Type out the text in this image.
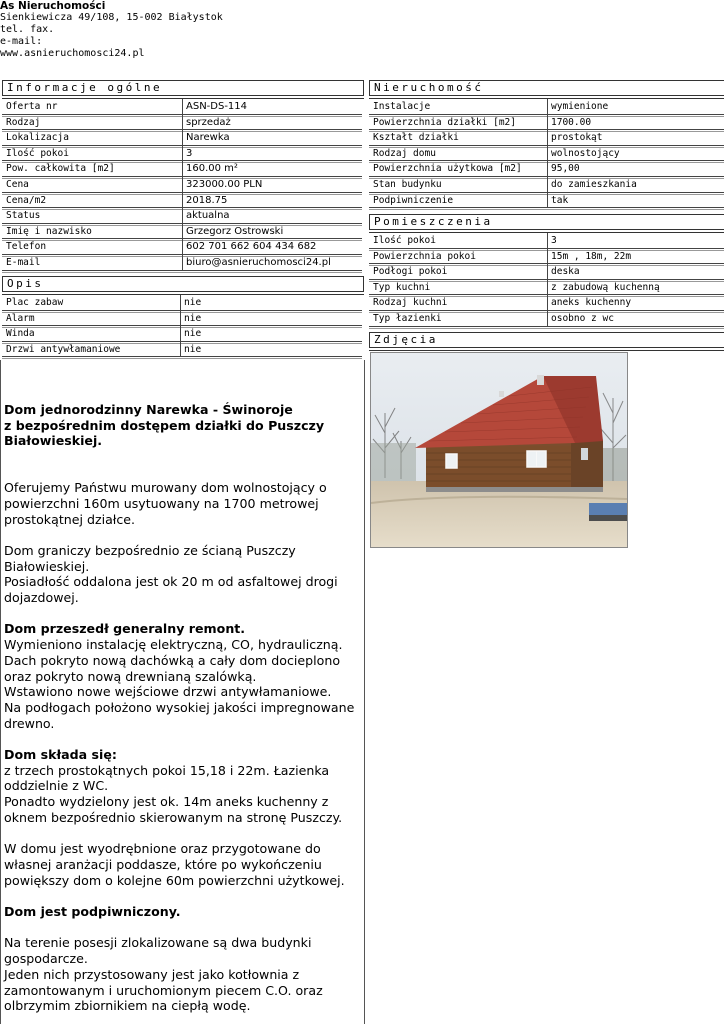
As Nieruchomości
Sienkiewicza 49/108, 15-002 Białystok
tel. fax.
e-mail:
www.asnieruchomosci24.pl
Informacje ogólne
Oferta nr	ASN-DS-114
Rodzaj	sprzedaż
Lokalizacja	Narewka
Ilość pokoi	3
Pow. całkowita [m2]	160.00 m²
Cena	323000.00 PLN
Cena/m2	2018.75
Status	aktualna
Imię i nazwisko	Grzegorz Ostrowski
Telefon	602 701 662 604 434 682
E-mail	biuro@asnieruchomosci24.pl
Opis
Plac zabaw	nie
Alarm	nie
Winda	nie
Drzwi antywłamaniowe	nie
Nieruchomość
Instalacje	wymienione
Powierzchnia działki [m2]	1700.00
Kształt działki	prostokąt
Rodzaj domu	wolnostojący
Powierzchnia użytkowa [m2]	95,00
Stan budynku	do zamieszkania
Podpiwniczenie	tak
Pomieszczenia
Ilość pokoi	3
Powierzchnia pokoi	15m , 18m, 22m
Podłogi pokoi	deska
Typ kuchni	z zabudową kuchenną
Rodzaj kuchni	aneks kuchenny
Typ łazienki	osobno z wc
Zdjęcia

Dom jednorodzinny Narewka - Świnoroje

z bezpośrednim dostępem działki do Puszczy

Białowieskiej.

Oferujemy Państwu murowany dom wolnostojący o powierzchni 160m usytuowany na 1700 metrowej prostokątnej działce.

Dom graniczy bezpośrednio ze ścianą Puszczy Białowieskiej.

Posiadłość oddalona jest ok 20 m od asfaltowej drogi dojazdowej.

Dom przeszedł generalny remont.

Wymieniono instalację elektryczną, CO, hydrauliczną.

Dach pokryto nową dachówką a cały dom docieplono oraz pokryto nową drewnianą szalówką.

Wstawiono nowe wejściowe drzwi antywłamaniowe.

Na podłogach położono wysokiej jakości impregnowane drewno.

Dom składa się:

z trzech prostokątnych pokoi 15,18 i 22m. Łazienka oddzielnie z WC.

Ponadto wydzielony jest ok. 14m aneks kuchenny z oknem bezpośrednio skierowanym na stronę Puszczy.

W domu jest wyodrębnione oraz przygotowane do własnej aranżacji poddasze, które po wykończeniu powiększy dom o kolejne 60m powierzchni użytkowej.

Dom jest podpiwniczony.

Na terenie posesji zlokalizowane są dwa budynki gospodarcze.

Jeden nich przystosowany jest jako kotłownia z zamontowanym i uruchomionym piecem C.O. oraz olbrzymim zbiornikiem na ciepłą wodę.
